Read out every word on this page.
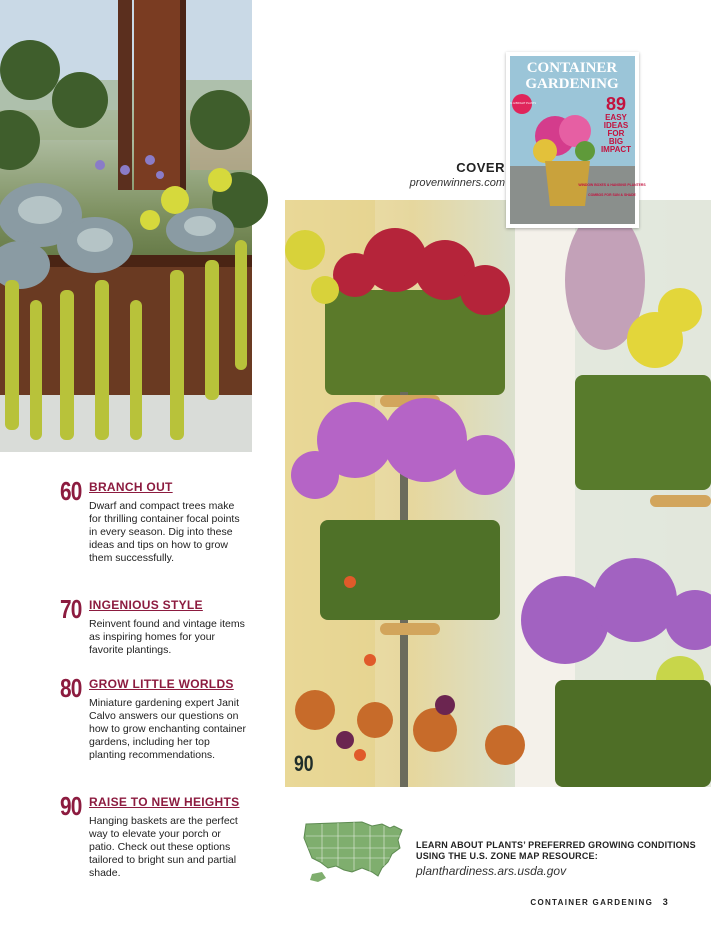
90
CONTAINER
GARDENING
89
EASY
IDEAS
FOR
BIG
IMPACT
BIG & BRIGHT PLANTS
WINDOW BOXES & HANGING PLANTERS
COMBOS FOR SUN & SHADE
COVER
provenwinners.com
60 BRANCH OUT
Dwarf and compact trees make for thrilling container focal points in every season. Dig into these ideas and tips on how to grow them successfully.
70 INGENIOUS STYLE
Reinvent found and vintage items as inspiring homes for your favorite plantings.
80 GROW LITTLE WORLDS
Miniature gardening expert Janit Calvo answers our questions on how to grow enchanting container gardens, including her top planting recommendations.
90 RAISE TO NEW HEIGHTS
Hanging baskets are the perfect way to elevate your porch or patio. Check out these options tailored to bright sun and partial shade.
LEARN ABOUT PLANTS’ PREFERRED GROWING CONDITIONS USING THE U.S. ZONE MAP RESOURCE:
planthardiness.ars.usda.gov
CONTAINER GARDENING 3
